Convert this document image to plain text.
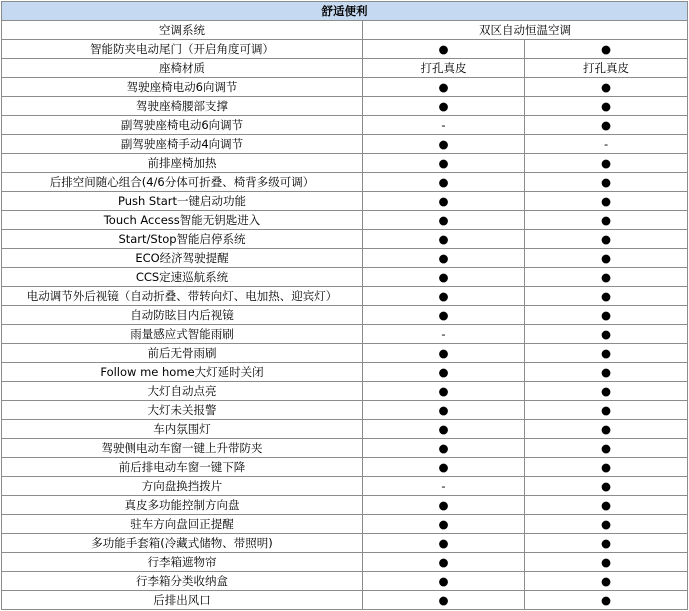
舒适便利		
空调系统	双区自动恒温空调	
智能防夹电动尾门（开启角度可调）	●	●
座椅材质	打孔真皮	打孔真皮
驾驶座椅电动6向调节	●	●
驾驶座椅腰部支撑	●	●
副驾驶座椅电动6向调节	-	●
副驾驶座椅手动4向调节	●	-
前排座椅加热	●	●
后排空间随心组合(4/6分体可折叠、椅背多级可调）	●	●
Push Start一键启动功能	●	●
Touch Access智能无钥匙进入	●	●
Start/Stop智能启停系统	●	●
ECO经济驾驶提醒	●	●
CCS定速巡航系统	●	●
电动调节外后视镜（自动折叠、带转向灯、电加热、迎宾灯）	●	●
自动防眩目内后视镜	●	●
雨量感应式智能雨刷	-	●
前后无骨雨刷	●	●
Follow me home大灯延时关闭	●	●
大灯自动点亮	●	●
大灯未关报警	●	●
车内氛围灯	●	●
驾驶侧电动车窗一键上升带防夹	●	●
前后排电动车窗一键下降	●	●
方向盘换挡拨片	-	●
真皮多功能控制方向盘	●	●
驻车方向盘回正提醒	●	●
多功能手套箱(冷藏式储物、带照明)	●	●
行李箱遮物帘	●	●
行李箱分类收纳盒	●	●
后排出风口	●	●
